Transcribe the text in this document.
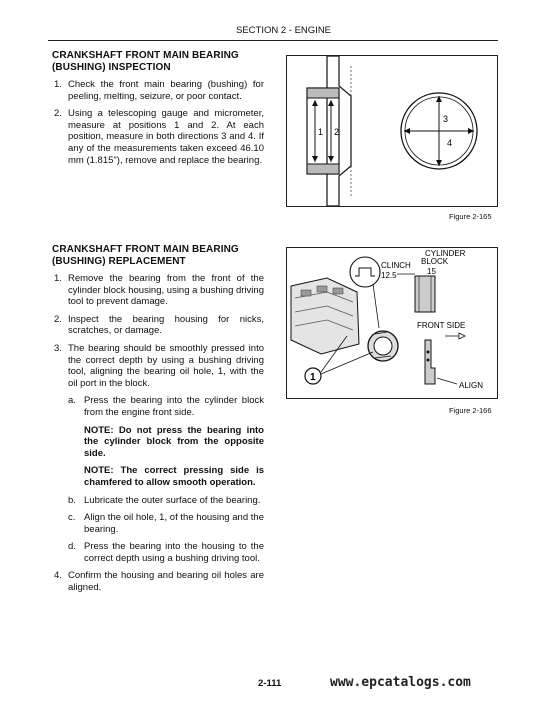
SECTION 2 - ENGINE
CRANKSHAFT FRONT MAIN BEARING
(BUSHING) INSPECTION
1. Check the front main bearing (bushing) for peeling, melting, seizure, or poor contact.
2. Using a telescoping gauge and micrometer, measure at positions 1 and 2. At each position, measure in both directions 3 and 4. If any of the measurements taken exceed 46.10 mm (1.815"), remove and replace the bearing.
1 2
3
4
Figure 2-165
CRANKSHAFT FRONT MAIN BEARING
(BUSHING) REPLACEMENT
1. Remove the bearing from the front of the cylinder block housing, using a bushing driving tool to prevent damage.
2. Inspect the bearing housing for nicks, scratches, or damage.
3. The bearing should be smoothly pressed into the correct depth by using a bushing driving tool, aligning the bearing oil hole, 1, with the oil port in the block.
a. Press the bearing into the cylinder block from the engine front side.
NOTE: Do not press the bearing into the cylinder block from the opposite side.
NOTE: The correct pressing side is chamfered to allow smooth operation.
b. Lubricate the outer surface of the bearing.
c. Align the oil hole, 1, of the housing and the bearing.
d. Press the bearing into the housing to the correct depth using a bushing driving tool.
4. Confirm the housing and bearing oil holes are aligned.
1
CLINCH
12.5
CYLINDER
BLOCK
15
FRONT SIDE
ALIGN
Figure 2-166
2-111	www.epcatalogs.com
